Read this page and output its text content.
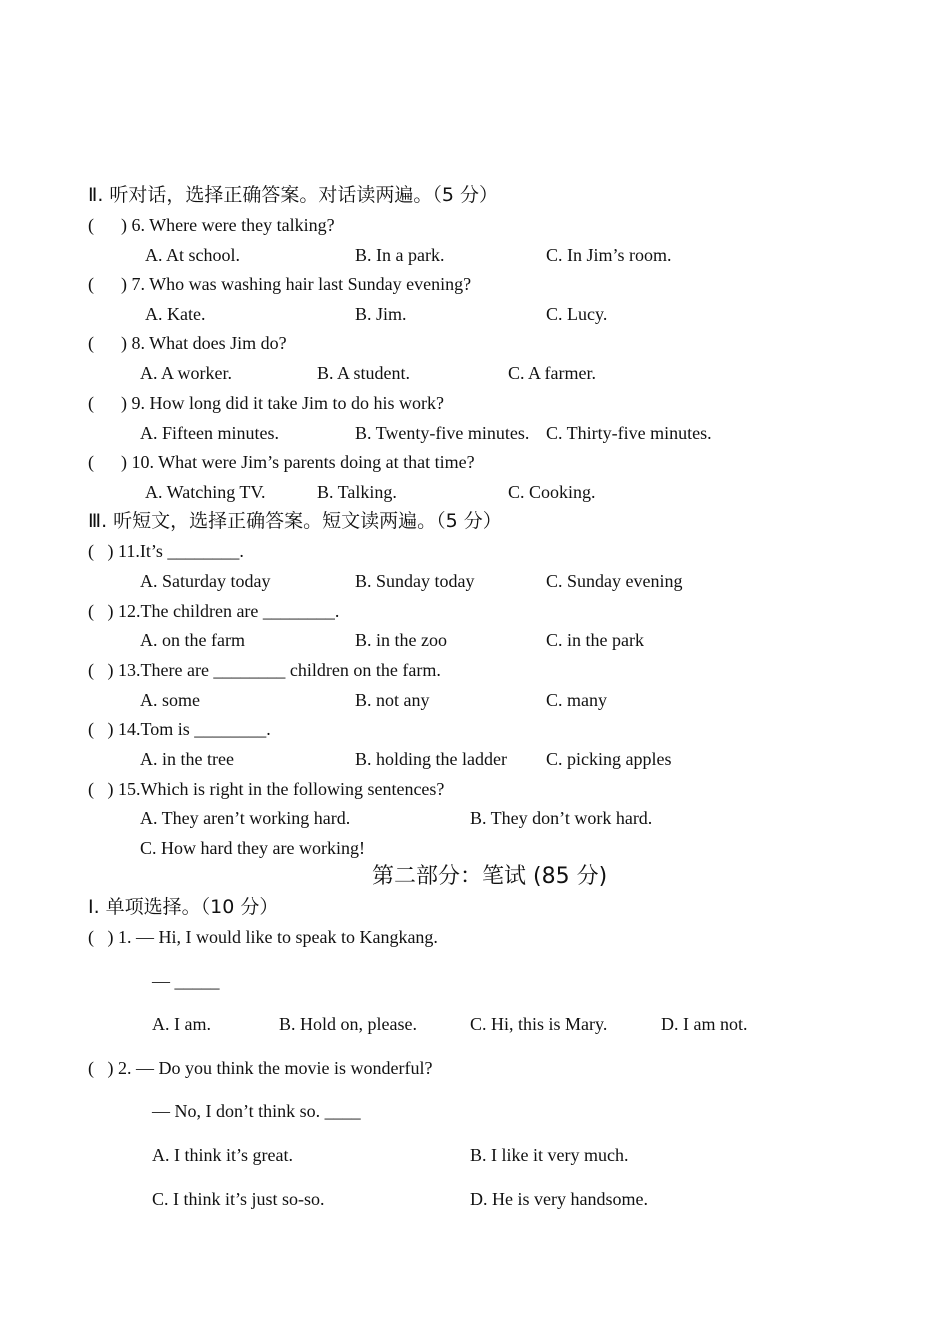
Ⅱ. 听对话，选择正确答案。对话读两遍。（5 分）
(      ) 6. Where were they talking?
A. At school.	B. In a park.	C. In Jim’s room.
(      ) 7. Who was washing hair last Sunday evening?
A. Kate.	B. Jim.	C. Lucy.
(      ) 8. What does Jim do?
A. A worker.	B. A student.	C. A farmer.
(      ) 9. How long did it take Jim to do his work?
A. Fifteen minutes.	B. Twenty-five minutes. C. Thirty-five minutes.
(      ) 10. What were Jim’s parents doing at that time?
A. Watching TV.	B. Talking.	C. Cooking.
Ⅲ. 听短文，选择正确答案。短文读两遍。（5 分）
(   ) 11.It’s ________.
A. Saturday today	B. Sunday today	C. Sunday evening
(   ) 12.The children are ________.
A. on the farm	B. in the zoo	C. in the park
(   ) 13.There are ________ children on the farm.
A. some	B. not any	C. many
(   ) 14.Tom is ________.
A. in the tree	B. holding the ladder C. picking apples
(   ) 15.Which is right in the following sentences?
A. They aren’t working hard.	B. They don’t work hard.
C. How hard they are working!
第二部分：笔试 (85 分)
Ⅰ. 单项选择。（10 分）
(   ) 1. — Hi, I would like to speak to Kangkang.
— _____
A. I am.	B. Hold on, please.	C. Hi, this is Mary.	D. I am not.
(   ) 2. — Do you think the movie is wonderful?
— No, I don’t think so. ____
A. I think it’s great.	B. I like it very much.
C. I think it’s just so-so.	D. He is very handsome.
